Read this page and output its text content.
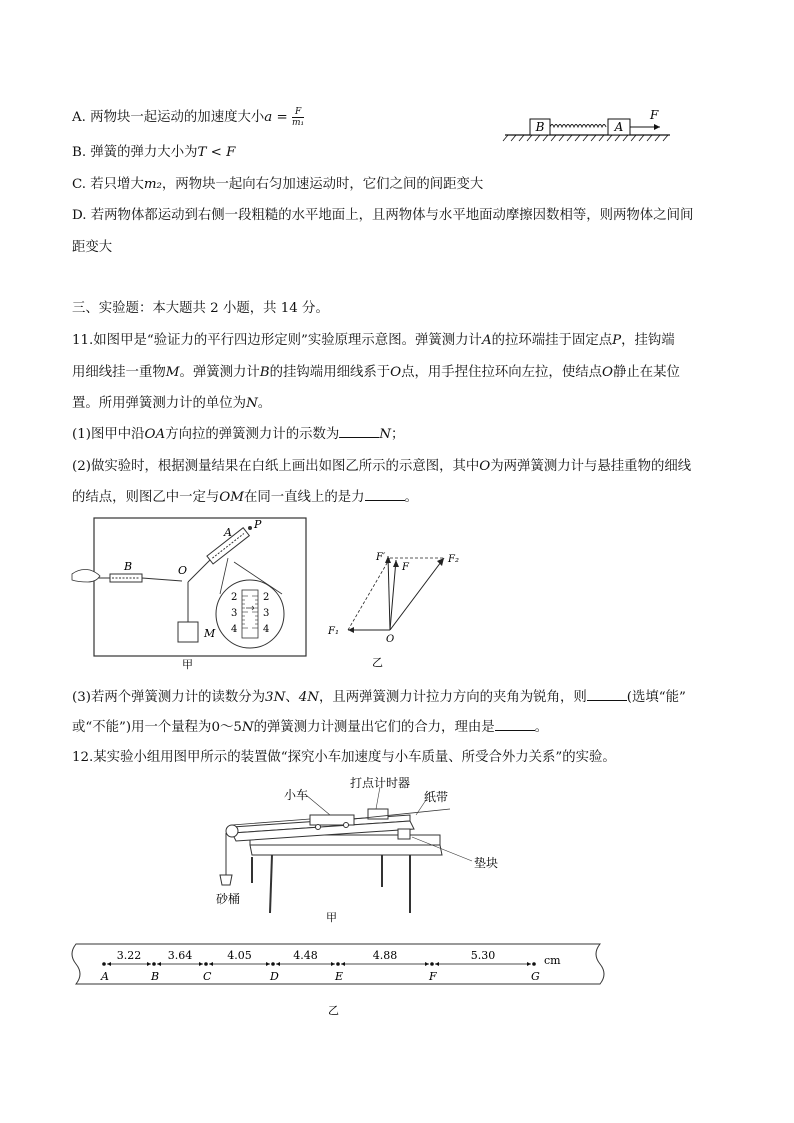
A. 两物块一起运动的加速度大小$a = \frac{F}{\text{m₁}}$
B. 弹簧的弹力大小为T < F
C. 若只增大m₂，两物块一起向右匀加速运动时，它们之间的间距变大
D. 若两物体都运动到右侧一段粗糙的水平地面上，且两物体与水平地面动摩擦因数相等，则两物体之间间
距变大
B	A
F
三、实验题：本大题共 2 小题，共 14 分。
11.如图甲是“验证力的平行四边形定则”实验原理示意图。弹簧测力计A的拉环端挂于固定点P，挂钩端
用细线挂一重物M。弹簧测力计B的挂钩端用细线系于O点，用手捏住拉环向左拉，使结点O静止在某位
置。所用弹簧测力计的单位为N。
(1)图甲中沿OA方向拉的弹簧测力计的示数为	N；
(2)做实验时，根据测量结果在白纸上画出如图乙所示的示意图，其中O为两弹簧测力计与悬挂重物的细线
的结点，则图乙中一定与OM在同一直线上的是力	。
B	O
M
A
P
2
3
4
2
3
4
甲
F′
F
F₂
F₁
O
乙
(3)若两个弹簧测力计的读数分为3N、4N，且两弹簧测力计拉力方向的夹角为锐角，则	(选填“能”
或“不能”)用一个量程为0～5N的弹簧测力计测量出它们的合力，理由是	。
12.某实验小组用图甲所示的装置做“探究小车加速度与小车质量、所受合外力关系”的实验。
打点计时器
小车	纸带
垫块
砂桶
甲
A	B	C	D	E	F	G
3.22 3.64	4.05	4.48	4.88	5.30	cm
乙
